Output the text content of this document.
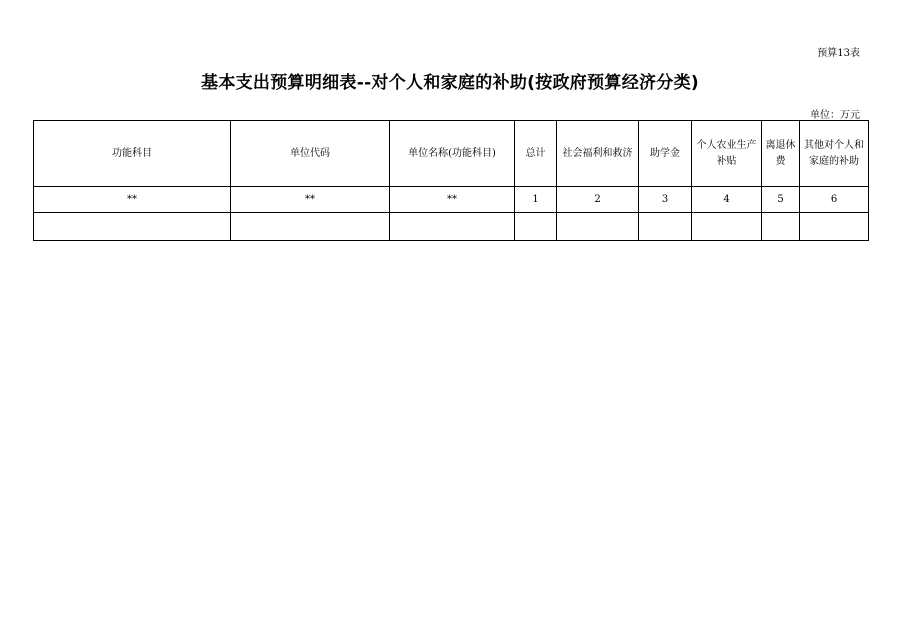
预算13表
基本支出预算明细表--对个人和家庭的补助(按政府预算经济分类)
单位：万元
功能科目	单位代码	单位名称(功能科目)	总计	社会福利和救济	助学金	个人农业生产补贴	离退休费	其他对个人和家庭的补助
**	**	**	1	2	3	4	5	6
